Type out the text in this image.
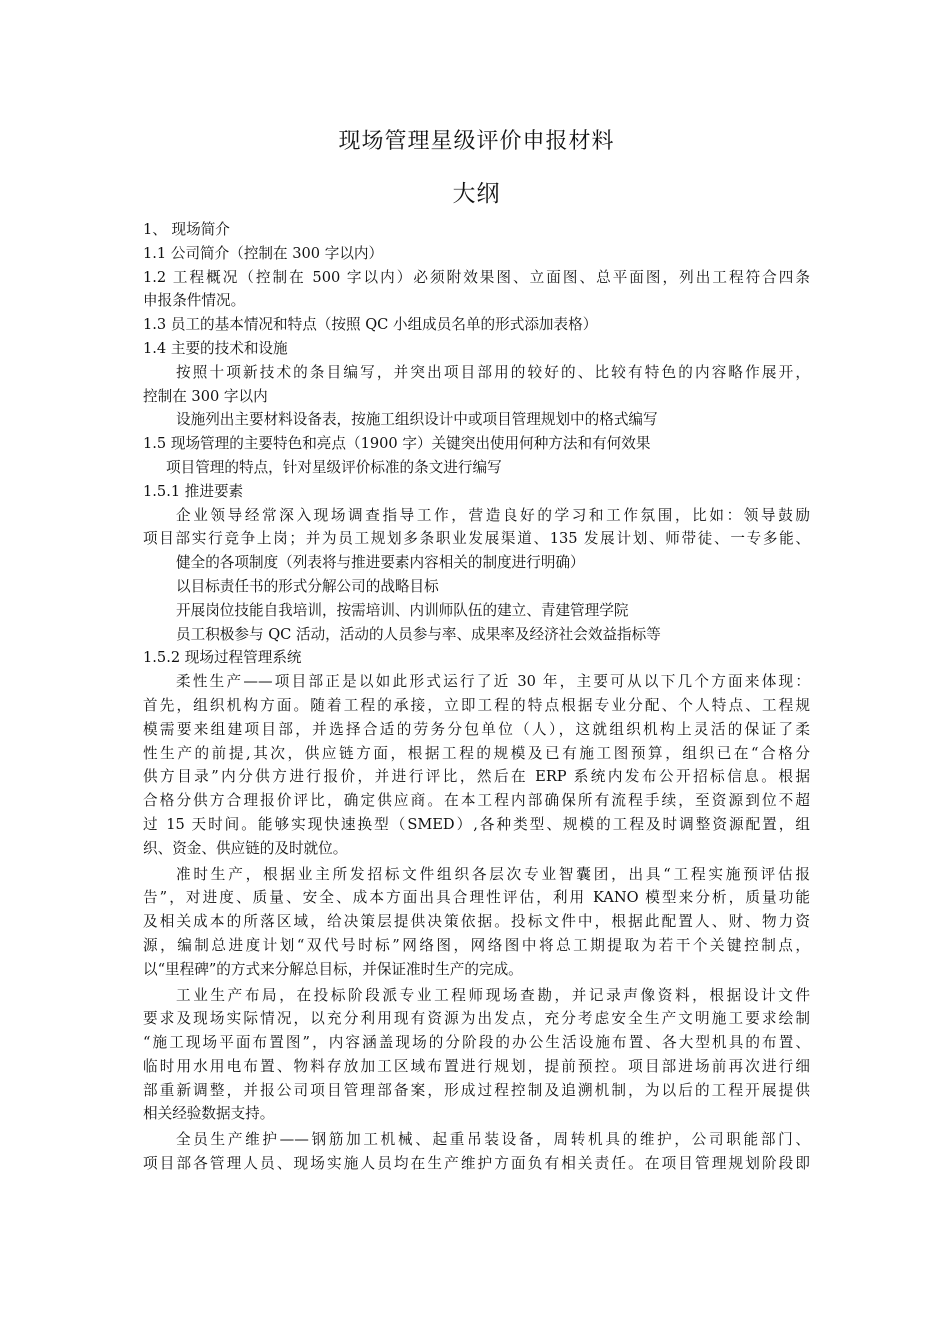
现场管理星级评价申报材料
大纲
1、 现场简介
1.1 公司简介（控制在 300 字以内）
1.2 工程概况（控制在 500 字以内）必须附效果图、立面图、总平面图，列出工程符合四条
申报条件情况。
1.3 员工的基本情况和特点（按照 QC 小组成员名单的形式添加表格）
1.4 主要的技术和设施
按照十项新技术的条目编写，并突出项目部用的较好的、比较有特色的内容略作展开，
控制在 300 字以内
设施列出主要材料设备表，按施工组织设计中或项目管理规划中的格式编写
1.5 现场管理的主要特色和亮点（1900 字）关键突出使用何种方法和有何效果
项目管理的特点，针对星级评价标准的条文进行编写
1.5.1 推进要素
企业领导经常深入现场调查指导工作，营造良好的学习和工作氛围，比如：领导鼓励
项目部实行竞争上岗；并为员工规划多条职业发展渠道、135 发展计划、师带徒、一专多能、
健全的各项制度（列表将与推进要素内容相关的制度进行明确）
以目标责任书的形式分解公司的战略目标
开展岗位技能自我培训，按需培训、内训师队伍的建立、青建管理学院
员工积极参与 QC 活动，活动的人员参与率、成果率及经济社会效益指标等
1.5.2 现场过程管理系统
柔性生产——项目部正是以如此形式运行了近 30 年，主要可从以下几个方面来体现：
首先，组织机构方面。随着工程的承接，立即工程的特点根据专业分配、个人特点、工程规
模需要来组建项目部，并选择合适的劳务分包单位（人），这就组织机构上灵活的保证了柔
性生产的前提,其次，供应链方面，根据工程的规模及已有施工图预算，组织已在“合格分
供方目录”内分供方进行报价，并进行评比，然后在 ERP 系统内发布公开招标信息。根据
合格分供方合理报价评比，确定供应商。在本工程内部确保所有流程手续，至资源到位不超
过 15 天时间。能够实现快速换型（SMED）,各种类型、规模的工程及时调整资源配置，组
织、资金、供应链的及时就位。
准时生产，根据业主所发招标文件组织各层次专业智囊团，出具“工程实施预评估报
告”，对进度、质量、安全、成本方面出具合理性评估，利用 KANO 模型来分析，质量功能
及相关成本的所落区域，给决策层提供决策依据。投标文件中，根据此配置人、财、物力资
源，编制总进度计划“双代号时标”网络图，网络图中将总工期提取为若干个关键控制点，
以“里程碑”的方式来分解总目标，并保证准时生产的完成。
工业生产布局，在投标阶段派专业工程师现场查勘，并记录声像资料，根据设计文件
要求及现场实际情况，以充分利用现有资源为出发点，充分考虑安全生产文明施工要求绘制
“施工现场平面布置图”，内容涵盖现场的分阶段的办公生活设施布置、各大型机具的布置、
临时用水用电布置、物料存放加工区域布置进行规划，提前预控。项目部进场前再次进行细
部重新调整，并报公司项目管理部备案，形成过程控制及追溯机制，为以后的工程开展提供
相关经验数据支持。
全员生产维护——钢筋加工机械、起重吊装设备，周转机具的维护，公司职能部门、
项目部各管理人员、现场实施人员均在生产维护方面负有相关责任。在项目管理规划阶段即
